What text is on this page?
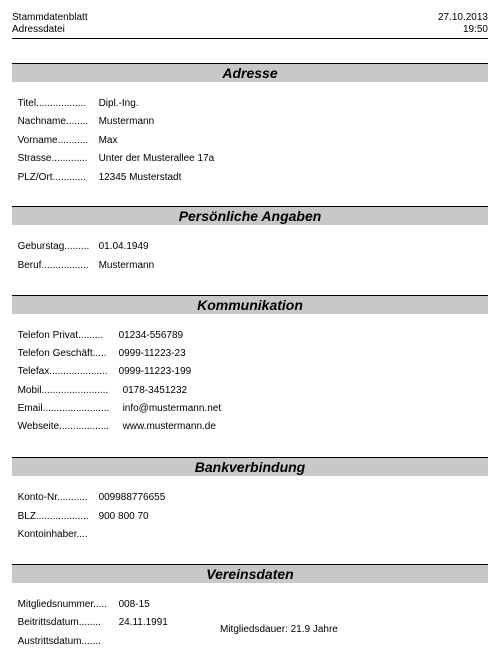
Stammdatenblatt	27.10.2013
Adressdatei	19:50
Adresse

Titel.................. Dipl.-Ing.

Nachname........ Mustermann

Vorname........... Max

Strasse............. Unter der Musterallee 17a

PLZ/Ort............ 12345 Musterstadt

Persönliche Angaben

Geburstag......... 01.04.1949

Beruf................. Mustermann

Kommunikation

Telefon Privat......... 01234-556789

Telefon Geschäft..... 0999-11223-23

Telefax..................... 0999-11223-199

Mobil........................ 0178-3451232

Email........................ info@mustermann.net

Webseite.................. www.mustermann.de

Bankverbindung

Konto-Nr........... 009988776655

BLZ................... 900 800 70

Kontoinhaber....

Vereinsdaten

Mitgliedsnummer..... 008-15

Beitrittsdatum........ 24.11.1991

Austrittsdatum.......

Mitgliedsdauer: 21.9 Jahre
